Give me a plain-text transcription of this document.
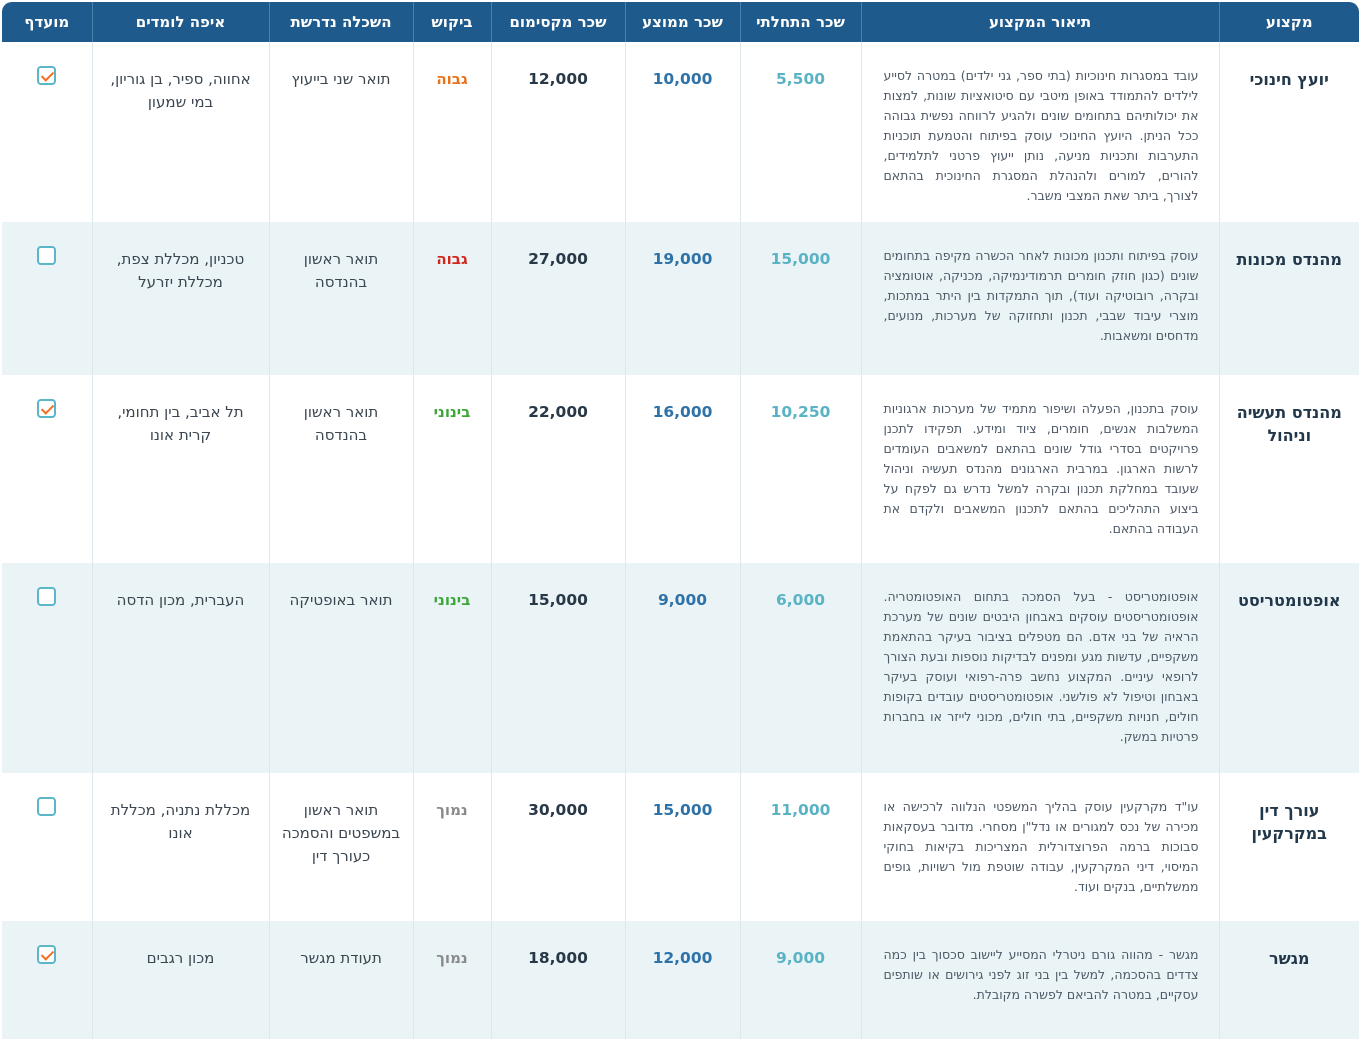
מקצוע	תיאור המקצוע	שכר התחלתי	שכר ממוצע	שכר מקסימום	ביקוש	השכלה נדרשת	איפה לומדים	מועדף
יועץ חינוכי	עובד במסגרות חינוכיות (בתי ספר, גני ילדים) במטרה לסייע לילדים להתמודד באופן מיטבי עם סיטואציות שונות, למצות את יכולותיהם בתחומים שונים ולהגיע לרווחה נפשית גבוהה ככל הניתן. היועץ החינוכי עוסק בפיתוח והטמעת תוכניות התערבות ותכניות מניעה, נותן ייעוץ פרטני לתלמידים, להורים, למורים ולהנהלת המסגרת החינוכית בהתאם לצורך, ביתר שאת המצבי משבר.	5,500	10,000	12,000	גבוה	תואר שני בייעוץ	אחווה, ספיר, בן גוריון, במי שמעון	
מהנדס מכונות	עוסק בפיתוח ותכנון מכונות לאחר הכשרה מקיפה בתחומים שונים (כגון חוזק חומרים תרמודינמיקה, מכניקה, אוטומציה ובקרה, רובוטיקה ועוד), תוך התמקדות בין היתר במתכות, מוצרי עיבוד שבבי, תכנון ותחזוקה של מערכות, מנועים, מדחסים ומשאבות.	15,000	19,000	27,000	גבוה	תואר ראשון בהנדסה	טכניון, מכללת צפת, מכללת יזרעל	
מהנדס תעשיה וניהול	עוסק בתכנון, הפעלה ושיפור מתמיד של מערכות ארגוניות המשלבות אנשים, חומרים, ציוד ומידע. תפקידו לתכנן פרויקטים בסדרי גודל שונים בהתאם למשאבים העומדים לרשות הארגון. במרבית הארגונים מהנדס תעשיה וניהול שעובד במחלקת תכנון ובקרה למשל נדרש גם לפקח על ביצוע התהליכים בהתאם לתכנון המשאבים ולקדם את העבודה בהתאם.	10,250	16,000	22,000	בינוני	תואר ראשון בהנדסה	תל אביב, בין תחומי, קרית אונו	
אופטומטריסט	אופטומטריסט - בעל הסמכה בתחום האופטומטריה. אופטומטריסטים עוסקים באבחון היבטים שונים של מערכת הראיה של בני אדם. הם מטפלים בציבור בעיקר בהתאמת משקפיים, עדשות מגע ומפנים לבדיקות נוספות ובעת הצורך לרופאי עיניים. המקצוע נחשב פרה-רפואי ועוסק בעיקר באבחון וטיפול לא פולשני. אופטומטריסטים עובדים בקופות חולים, חנויות משקפיים, בתי חולים, מכוני לייזר או בחברות פרטיות במשק.	6,000	9,000	15,000	בינוני	תואר באופטיקה	העברית, מכון הדסה	
עורך דין במקרקעין	עו"ד מקרקעין עוסק בהליך המשפטי הנלווה לרכישה או מכירה של נכס למגורים או נדל"ן מסחרי. מדובר בעסקאות סבוכות ברמה הפרוצדורלית המצריכות בקיאות בחוקי המיסוי, דיני המקרקעין, עבודה שוטפת מול רשויות, גופים ממשלתיים, בנקים ועוד.	11,000	15,000	30,000	נמוך	תואר ראשון במשפטים והסמכה כעורך דין	מכללת נתניה, מכללת אונו	
מגשר	מגשר - מהווה גורם ניטרלי המסייע ליישוב סכסוך בין כמה צדדים בהסכמה, למשל בין בני זוג לפני גירושים או שותפים עסקיים, במטרה להביאם לפשרה מקובלת.	9,000	12,000	18,000	נמוך	תעודת מגשר	מכון רגבים	
